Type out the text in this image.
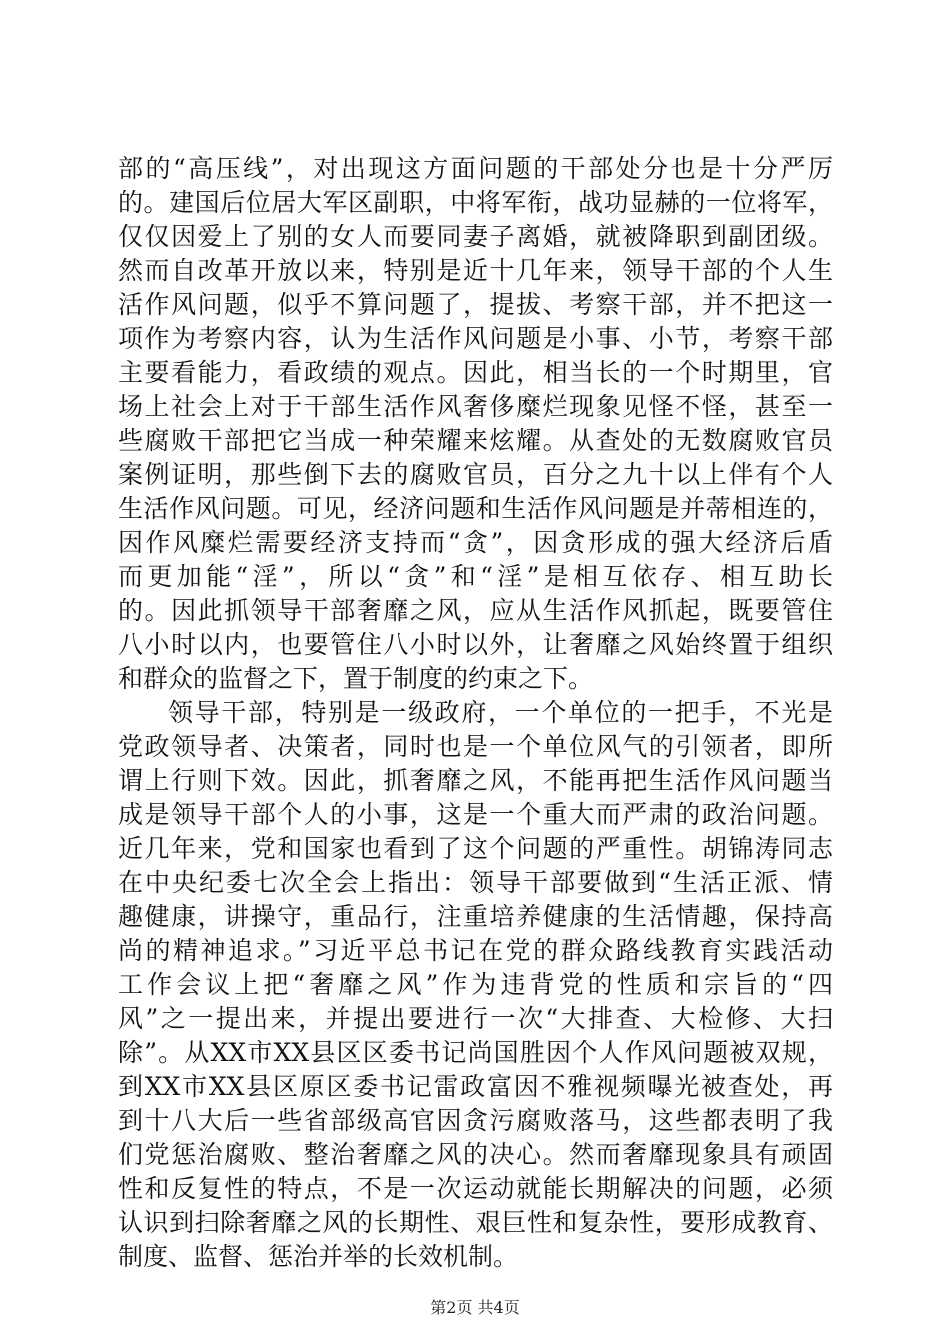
部的“高压线”，对出现这方面问题的干部处分也是十分严厉
的。建国后位居大军区副职，中将军衔，战功显赫的一位将军，
仅仅因爱上了别的女人而要同妻子离婚，就被降职到副团级。
然而自改革开放以来，特别是近十几年来，领导干部的个人生
活作风问题，似乎不算问题了，提拔、考察干部，并不把这一
项作为考察内容，认为生活作风问题是小事、小节，考察干部
主要看能力，看政绩的观点。因此，相当长的一个时期里，官
场上社会上对于干部生活作风奢侈糜烂现象见怪不怪，甚至一
些腐败干部把它当成一种荣耀来炫耀。从查处的无数腐败官员
案例证明，那些倒下去的腐败官员，百分之九十以上伴有个人
生活作风问题。可见，经济问题和生活作风问题是并蒂相连的，
因作风糜烂需要经济支持而“贪”，因贪形成的强大经济后盾
而更加能“淫”，所以“贪”和“淫”是相互依存、相互助长
的。因此抓领导干部奢靡之风，应从生活作风抓起，既要管住
八小时以内，也要管住八小时以外，让奢靡之风始终置于组织
和群众的监督之下，置于制度的约束之下。
领导干部，特别是一级政府，一个单位的一把手，不光是
党政领导者、决策者，同时也是一个单位风气的引领者，即所
谓上行则下效。因此，抓奢靡之风，不能再把生活作风问题当
成是领导干部个人的小事，这是一个重大而严肃的政治问题。
近几年来，党和国家也看到了这个问题的严重性。胡锦涛同志
在中央纪委七次全会上指出：领导干部要做到“生活正派、情
趣健康，讲操守，重品行，注重培养健康的生活情趣，保持高
尚的精神追求。”习近平总书记在党的群众路线教育实践活动
工作会议上把“奢靡之风”作为违背党的性质和宗旨的“四
风”之一提出来，并提出要进行一次“大排查、大检修、大扫
除”。从XX市XX县区区委书记尚国胜因个人作风问题被双规，
到XX市XX县区原区委书记雷政富因不雅视频曝光被查处，再
到十八大后一些省部级高官因贪污腐败落马，这些都表明了我
们党惩治腐败、整治奢靡之风的决心。然而奢靡现象具有顽固
性和反复性的特点，不是一次运动就能长期解决的问题，必须
认识到扫除奢靡之风的长期性、艰巨性和复杂性，要形成教育、
制度、监督、惩治并举的长效机制。
第2页 共4页
